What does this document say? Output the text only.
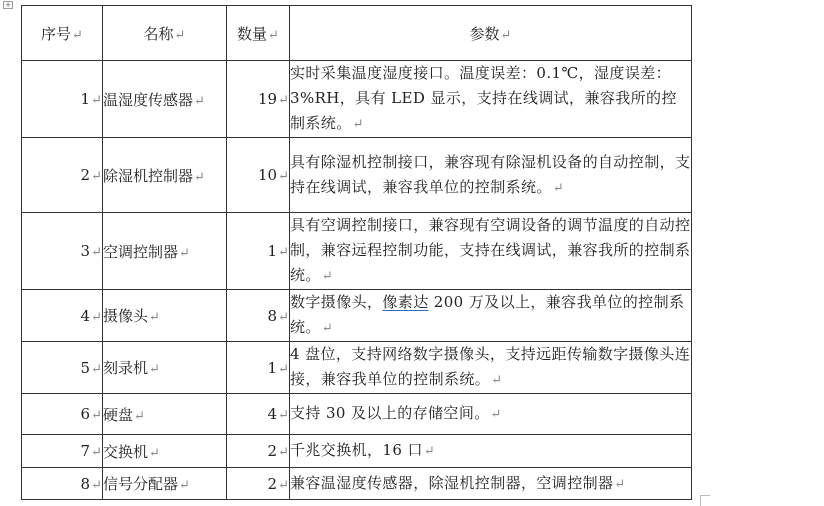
+
序号↵	名称↵	数量↵	参数↵
1↵	温湿度传感器↵	19↵	实时采集温度湿度接口。温度误差：0.1℃，湿度误差：3%RH，具有 LED 显示，支持在线调试，兼容我所的控制系统。↵
2↵	除湿机控制器↵	10↵	具有除湿机控制接口，兼容现有除湿机设备的自动控制，支持在线调试，兼容我单位的控制系统。↵
3↵	空调控制器↵	1↵	具有空调控制接口，兼容现有空调设备的调节温度的自动控制，兼容远程控制功能，支持在线调试，兼容我所的控制系统。↵
4↵	摄像头↵	8↵	数字摄像头，像素达 200 万及以上，兼容我单位的控制系统。↵
5↵	刻录机↵	1↵	4 盘位，支持网络数字摄像头，支持远距传输数字摄像头连接，兼容我单位的控制系统。↵
6↵	硬盘↵	4↵	支持 30 及以上的存储空间。↵
7↵	交换机↵	2↵	千兆交换机，16 口↵
8↵	信号分配器↵	2↵	兼容温湿度传感器，除湿机控制器，空调控制器↵
